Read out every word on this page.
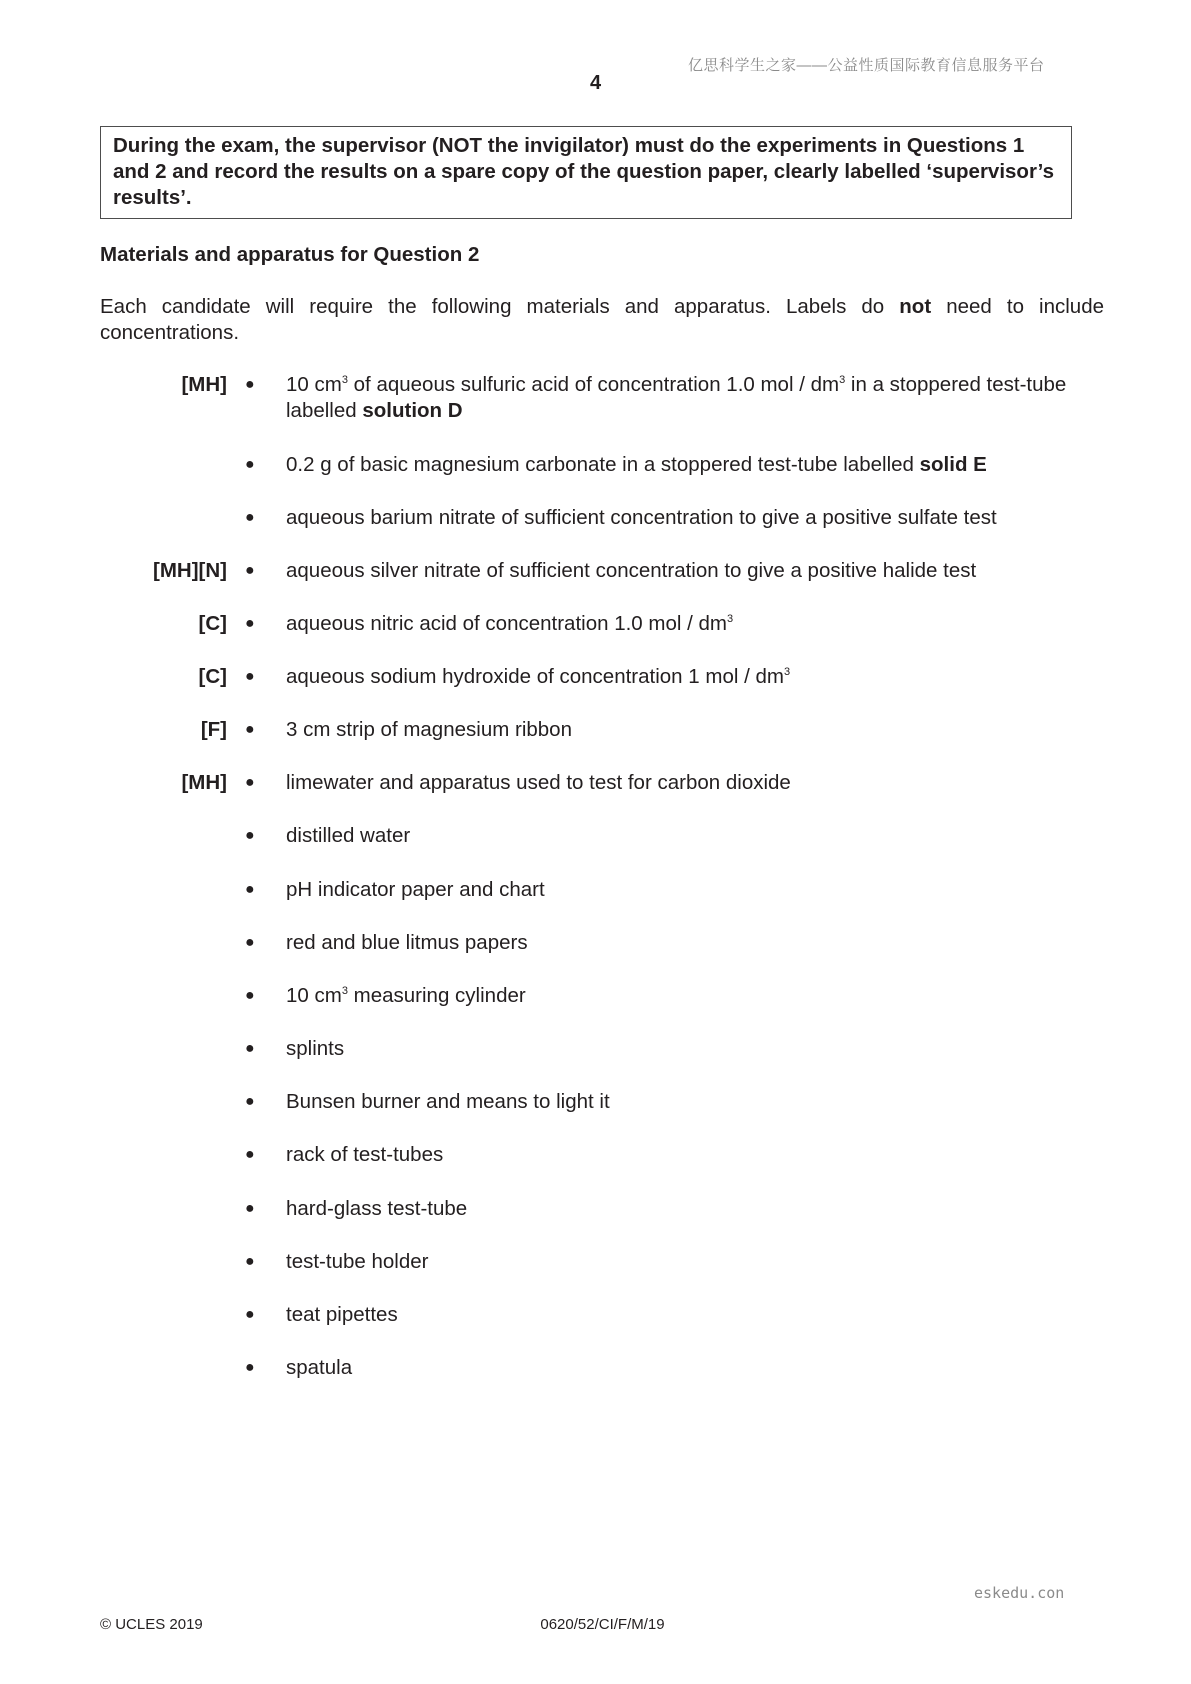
亿思科学生之家——公益性质国际教育信息服务平台
4
During the exam, the supervisor (NOT the invigilator) must do the experiments in Questions 1 and 2 and record the results on a spare copy of the question paper, clearly labelled ‘supervisor’s results’.
Materials and apparatus for Question 2
Each candidate will require the following materials and apparatus. Labels do not need to include concentrations.
[MH] ● 10 $cm^3$ of aqueous sulfuric acid of concentration 1.0 mol / $dm^3$ in a stoppered test-tube labelled solution D
● 0.2 g of basic magnesium carbonate in a stoppered test-tube labelled solid E
● aqueous barium nitrate of sufficient concentration to give a positive sulfate test
[MH][N] ● aqueous silver nitrate of sufficient concentration to give a positive halide test
[C] ● aqueous nitric acid of concentration 1.0 mol / $dm^3$
[C] ● aqueous sodium hydroxide of concentration 1 mol / $dm^3$
[F] ● 3 cm strip of magnesium ribbon
[MH] ● limewater and apparatus used to test for carbon dioxide
● distilled water
● pH indicator paper and chart
● red and blue litmus papers
● 10 $cm^3$ measuring cylinder
● splints
● Bunsen burner and means to light it
● rack of test-tubes
● hard-glass test-tube
● test-tube holder
● teat pipettes
● spatula
eskedu.con
© UCLES 2019	0620/52/CI/F/M/19
